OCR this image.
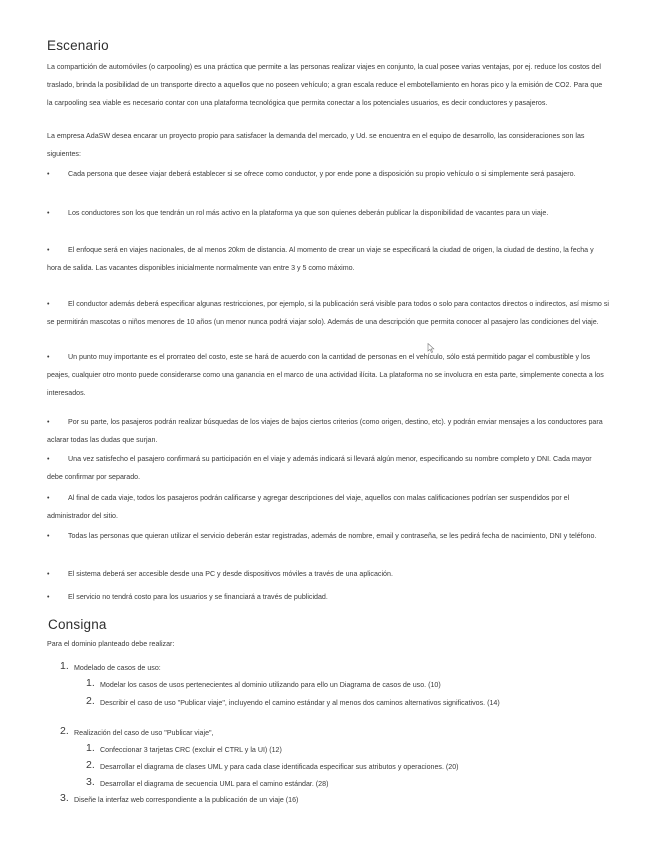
Escenario

La compartición de automóviles (o carpooling) es una práctica que permite a las personas realizar viajes en conjunto, la cual posee varias ventajas, por ej. reduce los costos del traslado, brinda la posibilidad de un transporte directo a aquellos que no poseen vehículo; a gran escala reduce el embotellamiento en horas pico y la emisión de CO2. Para que la carpooling sea viable es necesario contar con una plataforma tecnológica que permita conectar a los potenciales usuarios, es decir conductores y pasajeros.

La empresa AdaSW desea encarar un proyecto propio para satisfacer la demanda del mercado, y Ud. se encuentra en el equipo de desarrollo, las consideraciones son las siguientes:

•	Cada persona que desee viajar deberá establecer si se ofrece como conductor, y por ende pone a disposición su propio vehículo o si simplemente será pasajero.
•	Los conductores son los que tendrán un rol más activo en la plataforma ya que son quienes deberán publicar la disponibilidad de vacantes para un viaje.
•	El enfoque será en viajes nacionales, de al menos 20km de distancia. Al momento de crear un viaje se especificará la ciudad de origen, la ciudad de destino, la fecha y hora de salida. Las vacantes disponibles inicialmente normalmente van entre 3 y 5 como máximo.
•	El conductor además deberá especificar algunas restricciones, por ejemplo, si la publicación será visible para todos o solo para contactos directos o indirectos, así mismo si se permitirán mascotas o niños menores de 10 años (un menor nunca podrá viajar solo). Además de una descripción que permita conocer al pasajero las condiciones del viaje.
•	Un punto muy importante es el prorrateo del costo, este se hará de acuerdo con la cantidad de personas en el vehículo, sólo está permitido pagar el combustible y los peajes, cualquier otro monto puede considerarse como una ganancia en el marco de una actividad ilícita. La plataforma no se involucra en esta parte, simplemente conecta a los interesados.
•	Por su parte, los pasajeros podrán realizar búsquedas de los viajes de bajos ciertos criterios (como origen, destino, etc). y podrán enviar mensajes a los conductores para aclarar todas las dudas que surjan.
•	Una vez satisfecho el pasajero confirmará su participación en el viaje y además indicará si llevará algún menor, especificando su nombre completo y DNI. Cada mayor debe confirmar por separado.
•	Al final de cada viaje, todos los pasajeros podrán calificarse y agregar descripciones del viaje, aquellos con malas calificaciones podrían ser suspendidos por el administrador del sitio.
•	Todas las personas que quieran utilizar el servicio deberán estar registradas, además de nombre, email y contraseña, se les pedirá fecha de nacimiento, DNI y teléfono.
•	El sistema deberá ser accesible desde una PC y desde dispositivos móviles a través de una aplicación.
•	El servicio no tendrá costo para los usuarios y se financiará a través de publicidad.
Consigna

Para el dominio planteado debe realizar:

1. Modelado de casos de uso:
1. Modelar los casos de usos pertenecientes al dominio utilizando para ello un Diagrama de casos de uso. (10)
2. Describir el caso de uso "Publicar viaje", incluyendo el camino estándar y al menos dos caminos alternativos significativos. (14)
2. Realización del caso de uso "Publicar viaje",
1. Confeccionar 3 tarjetas CRC (excluir el CTRL y la UI) (12)
2. Desarrollar el diagrama de clases UML y para cada clase identificada especificar sus atributos y operaciones. (20)
3. Desarrollar el diagrama de secuencia UML para el camino estándar. (28)
3. Diseñe la interfaz web correspondiente a la publicación de un viaje (16)
